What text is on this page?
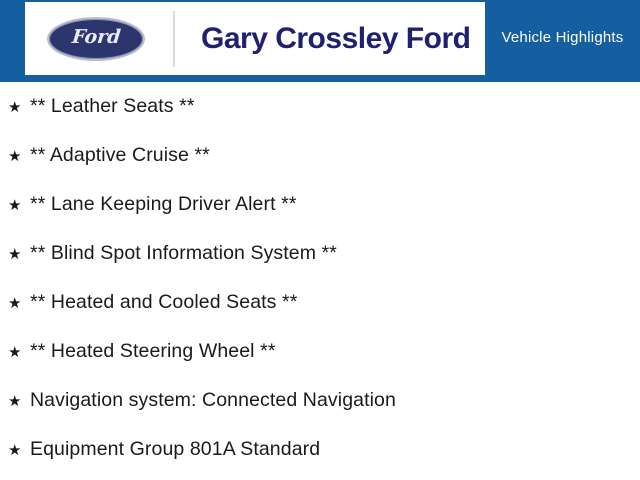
Ford	Gary Crossley Ford Vehicle Highlights
★ ** Leather Seats **
★ ** Adaptive Cruise **
★ ** Lane Keeping Driver Alert **
★ ** Blind Spot Information System **
★ ** Heated and Cooled Seats **
★ ** Heated Steering Wheel **
★ Navigation system: Connected Navigation
★ Equipment Group 801A Standard
